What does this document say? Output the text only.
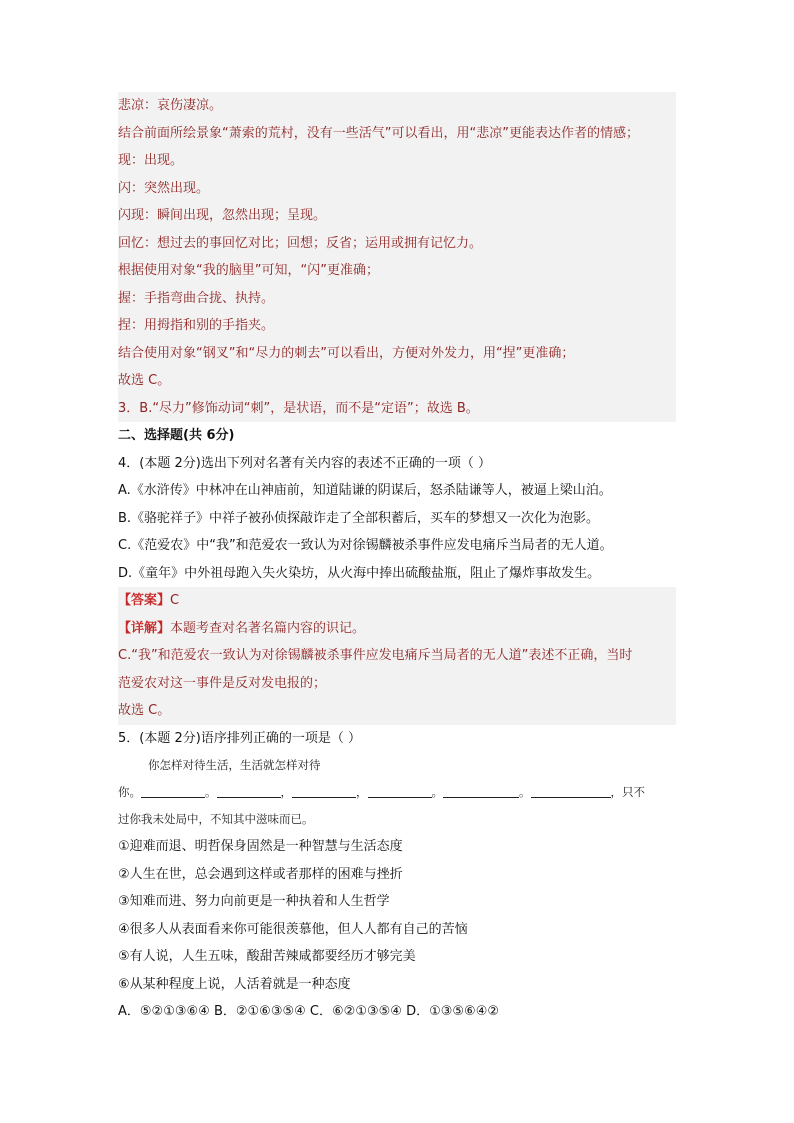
悲凉：哀伤凄凉。
结合前面所绘景象“萧索的荒村，没有一些活气”可以看出，用“悲凉”更能表达作者的情感；
现：出现。
闪：突然出现。
闪现：瞬间出现，忽然出现；呈现。
回忆：想过去的事回忆对比；回想；反省；运用或拥有记忆力。
根据使用对象“我的脑里”可知，“闪”更准确；
握：手指弯曲合拢、执持。
捏：用拇指和别的手指夹。
结合使用对象“钢叉”和“尽力的刺去”可以看出，方便对外发力，用“捏”更准确；
故选 C。
3．B.“尽力”修饰动词“刺”，是状语，而不是“定语”；故选 B。
二、选择题(共 6分)
4．(本题 2分)选出下列对名著有关内容的表述不正确的一项（ ）
A.《水浒传》中林冲在山神庙前，知道陆谦的阴谋后，怒杀陆谦等人，被逼上梁山泊。
B.《骆驼祥子》中祥子被孙侦探敲诈走了全部积蓄后，买车的梦想又一次化为泡影。
C.《范爱农》中“我”和范爱农一致认为对徐锡麟被杀事件应发电痛斥当局者的无人道。
D.《童年》中外祖母跑入失火染坊，从火海中捧出硫酸盐瓶，阻止了爆炸事故发生。
【答案】C
【详解】本题考查对名著名篇内容的识记。
C.“我”和范爱农一致认为对徐锡麟被杀事件应发电痛斥当局者的无人道”表述不正确，当时
范爱农对这一事件是反对发电报的；
故选 C。
5．(本题 2分)语序排列正确的一项是（ ）
你怎样对待生活，生活就怎样对待
你。	。	，	，	。	。	，只不
过你我未处局中，不知其中滋味而已。
①迎难而退、明哲保身固然是一种智慧与生活态度
②人生在世，总会遇到这样或者那样的困难与挫折
③知难而进、努力向前更是一种执着和人生哲学
④很多人从表面看来你可能很羡慕他，但人人都有自己的苦恼
⑤有人说，人生五味，酸甜苦辣咸都要经历才够完美
⑥从某种程度上说，人活着就是一种态度
A．⑤②①③⑥④ B．②①⑥③⑤④ C．⑥②①③⑤④ D．①③⑤⑥④②
